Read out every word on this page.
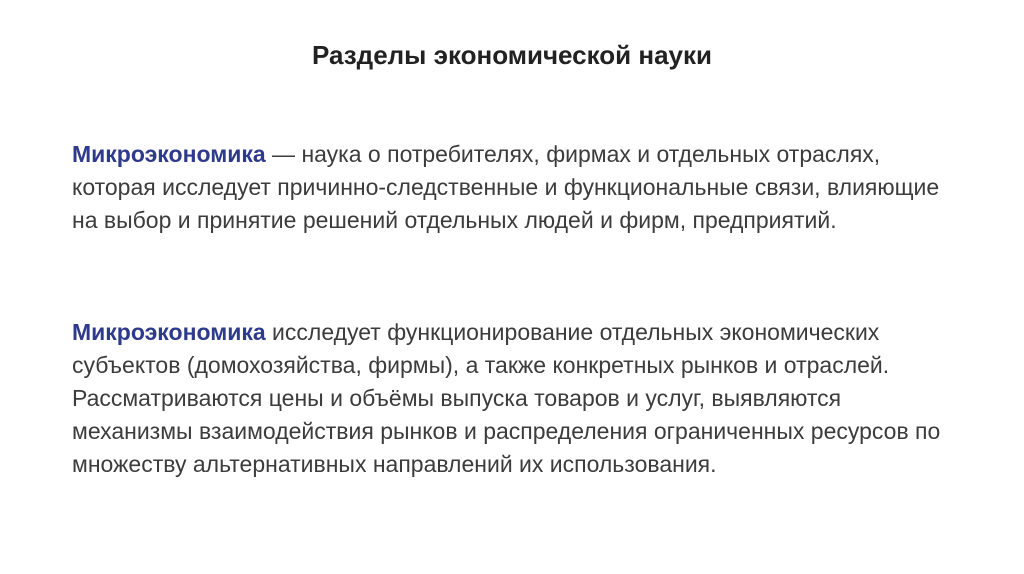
Разделы экономической науки

Микроэкономика — наука о потребителях, фирмах и отдельных отраслях, которая исследует причинно-следственные и функциональные связи, влияющие на выбор и принятие решений отдельных людей и фирм, предприятий.

Микроэкономика исследует функционирование отдельных экономических субъектов (домохозяйства, фирмы), а также конкретных рынков и отраслей. Рассматриваются цены и объёмы выпуска товаров и услуг, выявляются механизмы взаимодействия рынков и распределения ограниченных ресурсов по множеству альтернативных направлений их использования.
